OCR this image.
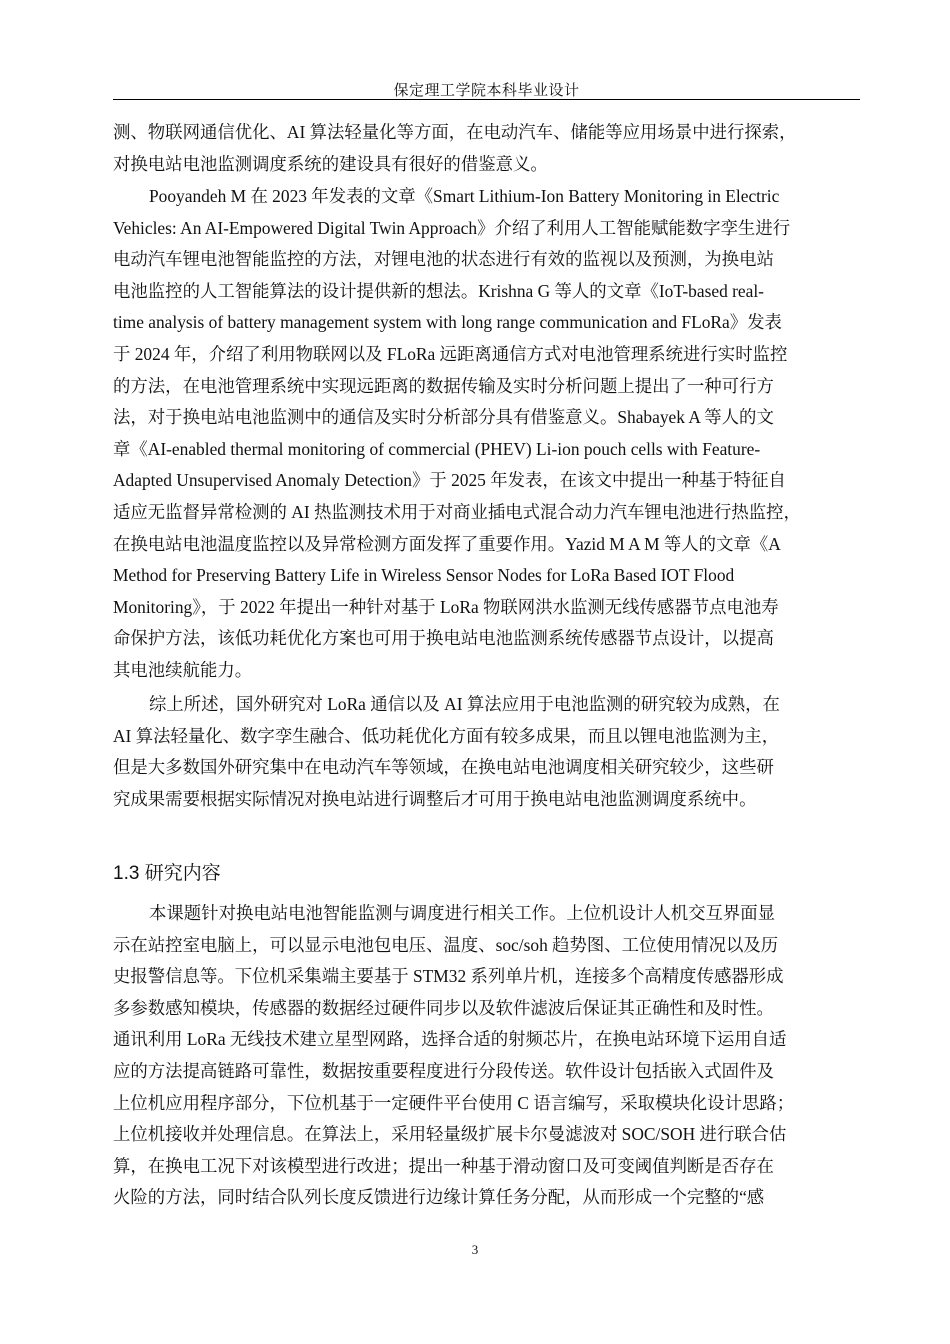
保定理工学院本科毕业设计
测、物联网通信优化、AI 算法轻量化等方面，在电动汽车、储能等应用场景中进行探索，
对换电站电池监测调度系统的建设具有很好的借鉴意义。
Pooyandeh M 在 2023 年发表的文章《Smart Lithium-Ion Battery Monitoring in Electric
Vehicles: An AI-Empowered Digital Twin Approach》介绍了利用人工智能赋能数字孪生进行
电动汽车锂电池智能监控的方法，对锂电池的状态进行有效的监视以及预测，为换电站
电池监控的人工智能算法的设计提供新的想法。Krishna G 等人的文章《IoT-based real-
time analysis of battery management system with long range communication and FLoRa》发表
于 2024 年，介绍了利用物联网以及 FLoRa 远距离通信方式对电池管理系统进行实时监控
的方法，在电池管理系统中实现远距离的数据传输及实时分析问题上提出了一种可行方
法，对于换电站电池监测中的通信及实时分析部分具有借鉴意义。Shabayek A 等人的文
章《AI-enabled thermal monitoring of commercial (PHEV) Li-ion pouch cells with Feature-
Adapted Unsupervised Anomaly Detection》于 2025 年发表，在该文中提出一种基于特征自
适应无监督异常检测的 AI 热监测技术用于对商业插电式混合动力汽车锂电池进行热监控，
在换电站电池温度监控以及异常检测方面发挥了重要作用。Yazid M A M 等人的文章《A
Method for Preserving Battery Life in Wireless Sensor Nodes for LoRa Based IOT Flood
Monitoring》，于 2022 年提出一种针对基于 LoRa 物联网洪水监测无线传感器节点电池寿
命保护方法，该低功耗优化方案也可用于换电站电池监测系统传感器节点设计，以提高
其电池续航能力。
综上所述，国外研究对 LoRa 通信以及 AI 算法应用于电池监测的研究较为成熟，在
AI 算法轻量化、数字孪生融合、低功耗优化方面有较多成果，而且以锂电池监测为主，
但是大多数国外研究集中在电动汽车等领域，在换电站电池调度相关研究较少，这些研
究成果需要根据实际情况对换电站进行调整后才可用于换电站电池监测调度系统中。
1.3 研究内容
本课题针对换电站电池智能监测与调度进行相关工作。上位机设计人机交互界面显
示在站控室电脑上，可以显示电池包电压、温度、soc/soh 趋势图、工位使用情况以及历
史报警信息等。下位机采集端主要基于 STM32 系列单片机，连接多个高精度传感器形成
多参数感知模块，传感器的数据经过硬件同步以及软件滤波后保证其正确性和及时性。
通讯利用 LoRa 无线技术建立星型网路，选择合适的射频芯片，在换电站环境下运用自适
应的方法提高链路可靠性，数据按重要程度进行分段传送。软件设计包括嵌入式固件及
上位机应用程序部分，下位机基于一定硬件平台使用 C 语言编写，采取模块化设计思路；
上位机接收并处理信息。在算法上，采用轻量级扩展卡尔曼滤波对 SOC/SOH 进行联合估
算，在换电工况下对该模型进行改进；提出一种基于滑动窗口及可变阈值判断是否存在
火险的方法，同时结合队列长度反馈进行边缘计算任务分配，从而形成一个完整的“感
3
